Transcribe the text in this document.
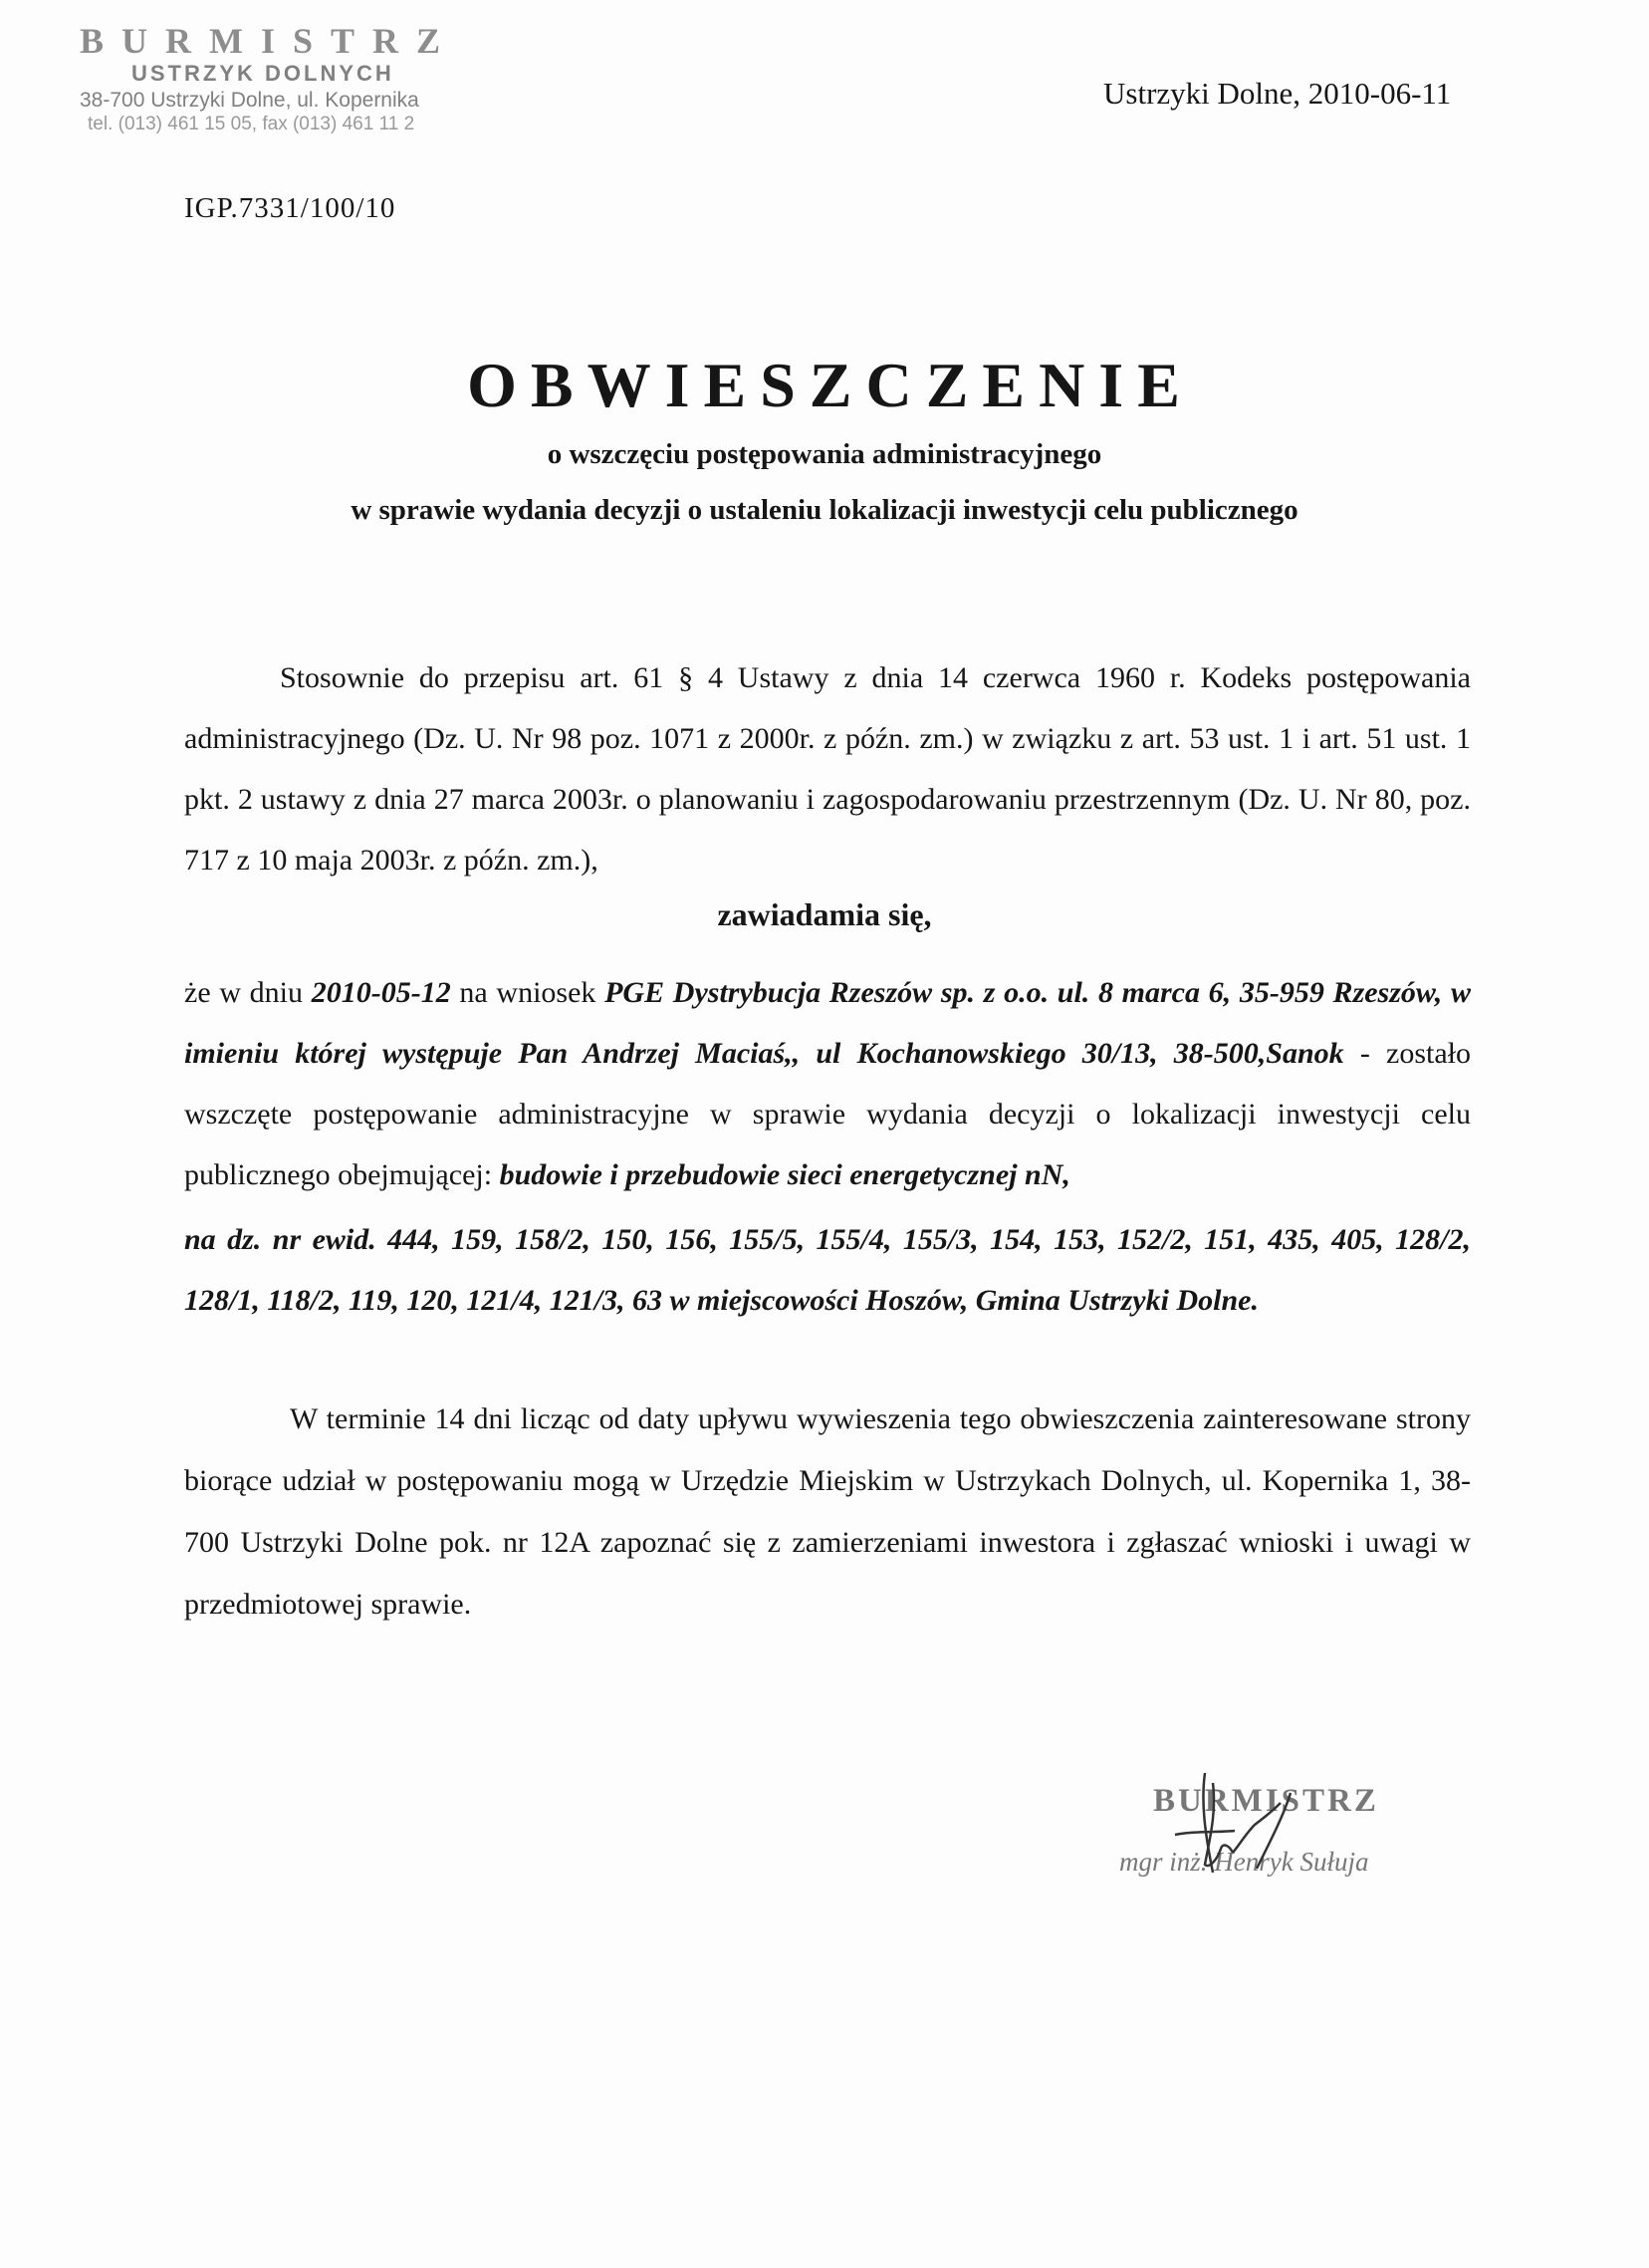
BURMISTRZ
USTRZYK DOLNYCH
38-700 Ustrzyki Dolne, ul. Kopernika
tel. (013) 461 15 05, fax (013) 461 11 2
Ustrzyki Dolne, 2010-06-11
IGP.7331/100/10
OBWIESZCZENIE
o wszczęciu postępowania administracyjnego
w sprawie wydania decyzji o ustaleniu lokalizacji inwestycji celu publicznego
Stosownie do przepisu art. 61 § 4 Ustawy z dnia 14 czerwca 1960 r. Kodeks postępowania administracyjnego (Dz. U. Nr 98 poz. 1071 z 2000r. z późn. zm.) w związku z art. 53 ust. 1 i art. 51 ust. 1 pkt. 2 ustawy z dnia 27 marca 2003r. o planowaniu i zagospodarowaniu przestrzennym (Dz. U. Nr 80, poz. 717 z 10 maja 2003r. z późn. zm.),
zawiadamia się,
że w dniu 2010-05-12 na wniosek PGE Dystrybucja Rzeszów sp. z o.o. ul. 8 marca 6, 35-959 Rzeszów, w imieniu której występuje Pan Andrzej Maciaś,, ul Kochanowskiego 30/13, 38-500,Sanok - zostało wszczęte postępowanie administracyjne w sprawie wydania decyzji o lokalizacji inwestycji celu publicznego obejmującej: budowie i przebudowie sieci energetycznej nN,
na dz. nr ewid. 444, 159, 158/2, 150, 156, 155/5, 155/4, 155/3, 154, 153, 152/2, 151, 435, 405, 128/2, 128/1, 118/2, 119, 120, 121/4, 121/3, 63 w miejscowości Hoszów, Gmina Ustrzyki Dolne.
W terminie 14 dni licząc od daty upływu wywieszenia tego obwieszczenia zainteresowane strony biorące udział w postępowaniu mogą w Urzędzie Miejskim w Ustrzykach Dolnych, ul. Kopernika 1, 38-700 Ustrzyki Dolne pok. nr 12A zapoznać się z zamierzeniami inwestora i zgłaszać wnioski i uwagi w przedmiotowej sprawie.
BURMISTRZ
mgr inż. Henryk Sułuja
